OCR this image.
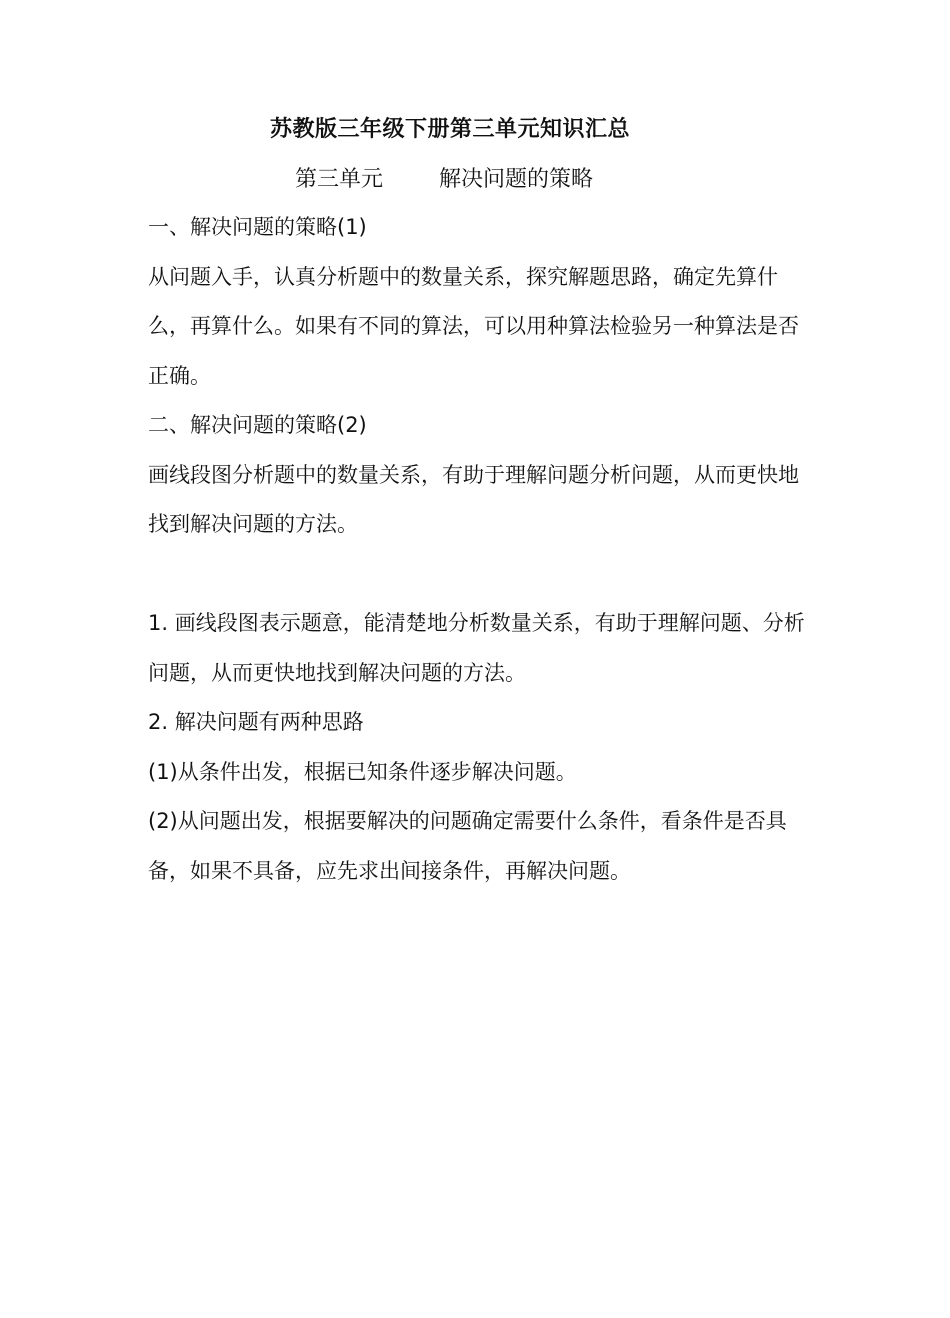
苏教版三年级下册第三单元知识汇总
第三单元	解决问题的策略

一、解决问题的策略(1)

从问题入手，认真分析题中的数量关系，探究解题思路，确定先算什么，再算什么。如果有不同的算法，可以用种算法检验另一种算法是否正确。

二、解决问题的策略(2)

画线段图分析题中的数量关系，有助于理解问题分析问题，从而更快地找到解决问题的方法。

1. 画线段图表示题意，能清楚地分析数量关系，有助于理解问题、分析问题，从而更快地找到解决问题的方法。

2. 解决问题有两种思路

(1)从条件出发，根据已知条件逐步解决问题。

(2)从问题出发，根据要解决的问题确定需要什么条件，看条件是否具备，如果不具备，应先求出间接条件，再解决问题。
